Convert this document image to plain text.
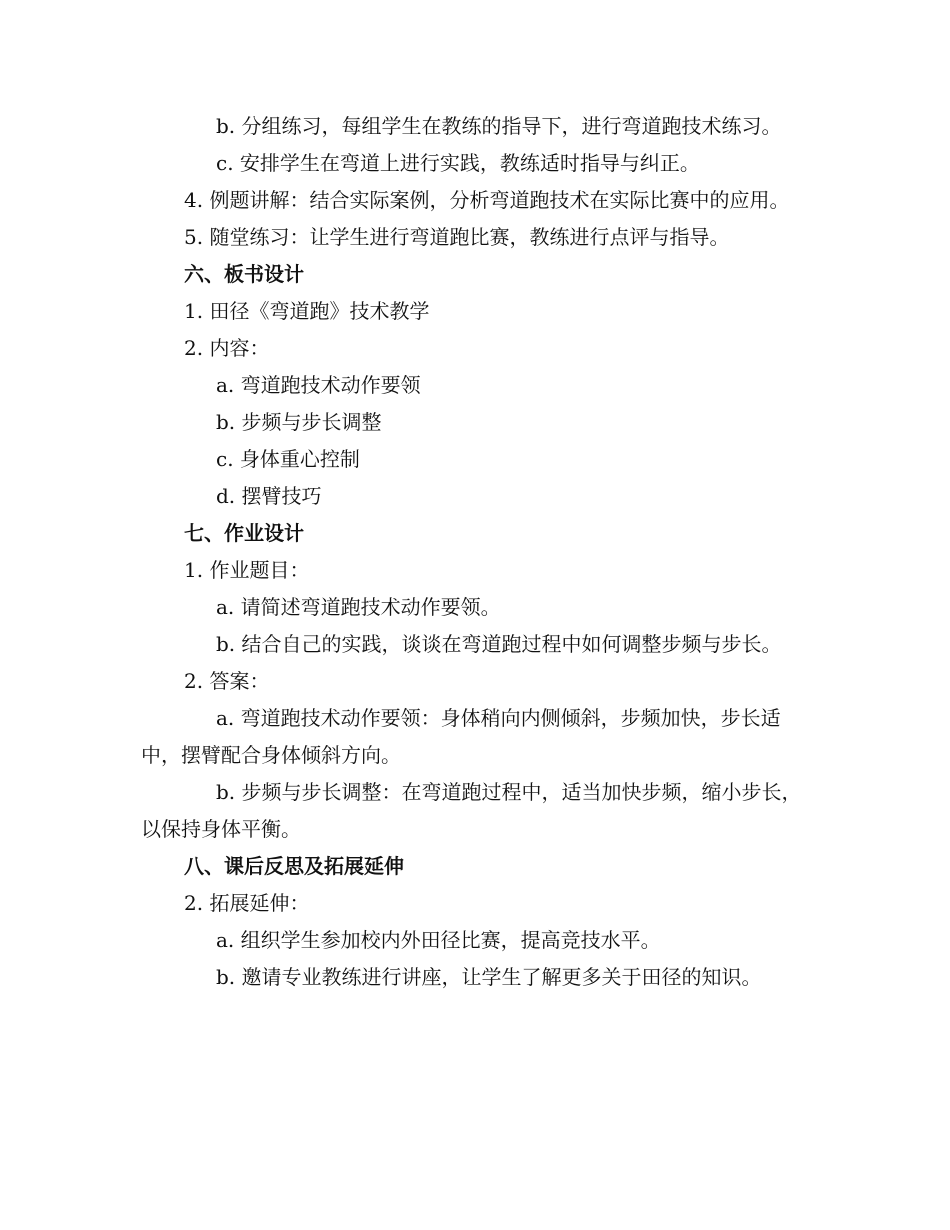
b. 分组练习，每组学生在教练的指导下，进行弯道跑技术练习。

c. 安排学生在弯道上进行实践，教练适时指导与纠正。

4. 例题讲解：结合实际案例，分析弯道跑技术在实际比赛中的应用。

5. 随堂练习：让学生进行弯道跑比赛，教练进行点评与指导。

六、板书设计

1. 田径《弯道跑》技术教学

2. 内容：

a. 弯道跑技术动作要领

b. 步频与步长调整

c. 身体重心控制

d. 摆臂技巧

七、作业设计

1. 作业题目：

a. 请简述弯道跑技术动作要领。

b. 结合自己的实践，谈谈在弯道跑过程中如何调整步频与步长。

2. 答案：

a. 弯道跑技术动作要领：身体稍向内侧倾斜，步频加快，步长适中，摆臂配合身体倾斜方向。

b. 步频与步长调整：在弯道跑过程中，适当加快步频，缩小步长，以保持身体平衡。

八、课后反思及拓展延伸

2. 拓展延伸：

a. 组织学生参加校内外田径比赛，提高竞技水平。

b. 邀请专业教练进行讲座，让学生了解更多关于田径的知识。
